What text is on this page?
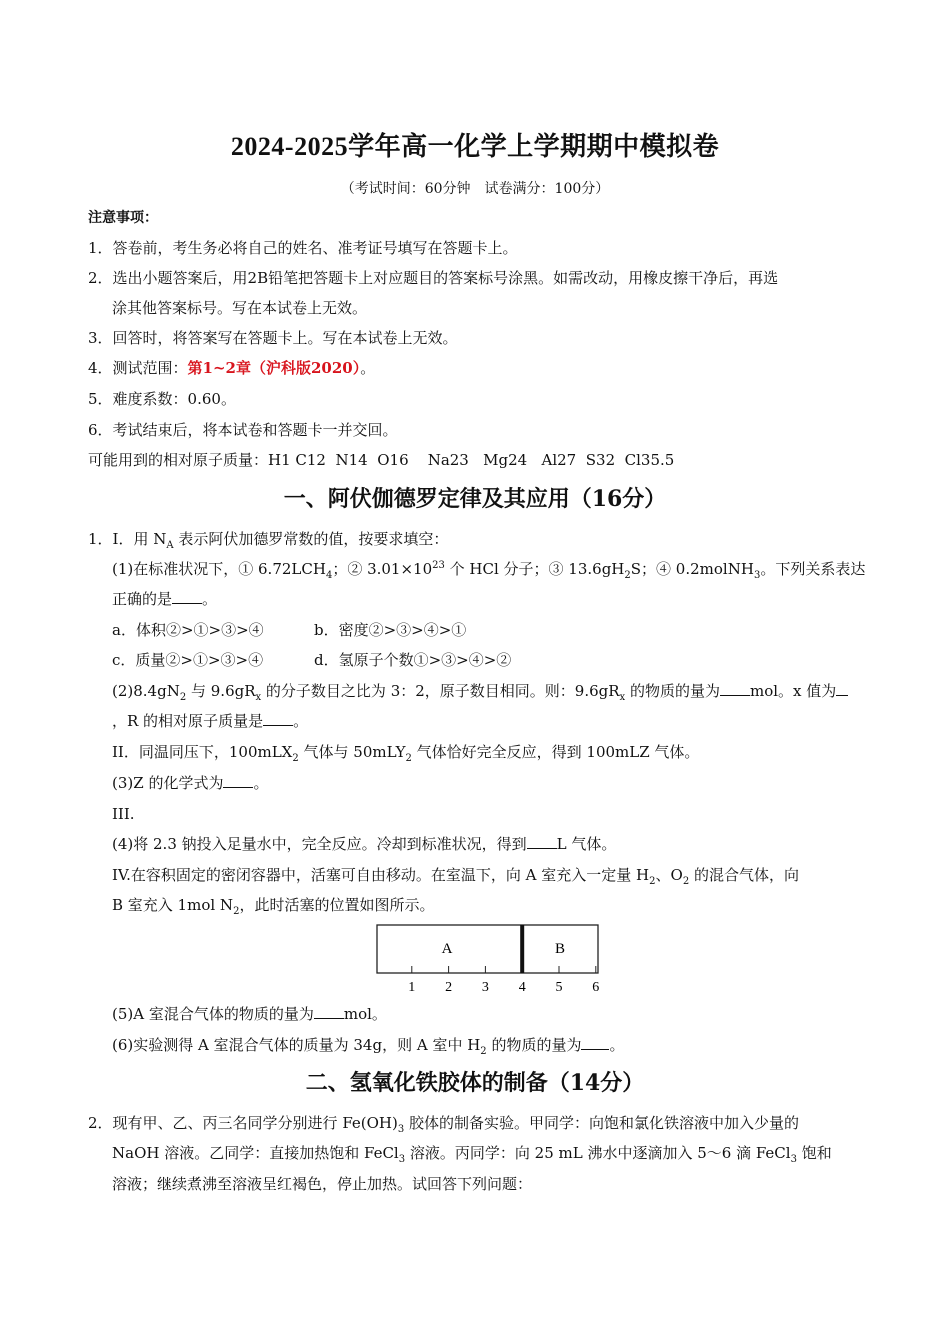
2024-2025学年高一化学上学期期中模拟卷
（考试时间：60分钟　试卷满分：100分）
注意事项：
1．答卷前，考生务必将自己的姓名、准考证号填写在答题卡上。
2．选出小题答案后，用2B铅笔把答题卡上对应题目的答案标号涂黑。如需改动，用橡皮擦干净后，再选
涂其他答案标号。写在本试卷上无效。
3．回答时，将答案写在答题卡上。写在本试卷上无效。
4．测试范围：第1~2章（沪科版2020）。
5．难度系数：0.60。
6．考试结束后，将本试卷和答题卡一并交回。
可能用到的相对原子质量：H1 C12  N14  O16    Na23   Mg24   Al27  S32  Cl35.5
一、阿伏伽德罗定律及其应用（16分）
1．I．用 $N_A$ 表示阿伏加德罗常数的值，按要求填空：
(1)在标准状况下，① $6.72LCH_4$；② $3.01\times 10^{23}$ 个 HCl 分子；③ $13.6gH_2S$；④ 0.2molNH$_3$。下列关系表达
正确的是 。
a．体积②>①>③>④	b．密度②>③>④>①
c．质量②>①>③>④	d．氢原子个数①>③>④>②
$(2)8.4gN_2$ 与 $9.6gR_x$ 的分子数目之比为 3：2，原子数目相同。则：$9.6gR_x$ 的物质的量为 mol。x 值为
，R 的相对原子质量是 。
II．同温同压下，100mLX$_2$ 气体与 50mLY$_2$ 气体恰好完全反应，得到 100mLZ 气体。
(3)Z 的化学式为 。
III.
(4)将 2.3 钠投入足量水中，完全反应。冷却到标准状况，得到 L 气体。
IV.在容积固定的密闭容器中，活塞可自由移动。在室温下，向 A 室充入一定量 $H_2$、$O_2$ 的混合气体，向
B 室充入 1mol $N_2$，此时活塞的位置如图所示。
A	B
1 2 3 4 5 6
(5)A 室混合气体的物质的量为 mol。
(6)实验测得 A 室混合气体的质量为 34g，则 A 室中 $H_2$ 的物质的量为 。
二、氢氧化铁胶体的制备（14分）
2．现有甲、乙、丙三名同学分别进行 $Fe(OH)_3$ 胶体的制备实验。甲同学：向饱和氯化铁溶液中加入少量的
NaOH 溶液。乙同学：直接加热饱和 FeCl$_3$ 溶液。丙同学：向 25 mL 沸水中逐滴加入 5～6 滴 FeCl$_3$ 饱和
溶液；继续煮沸至溶液呈红褐色，停止加热。试回答下列问题：
